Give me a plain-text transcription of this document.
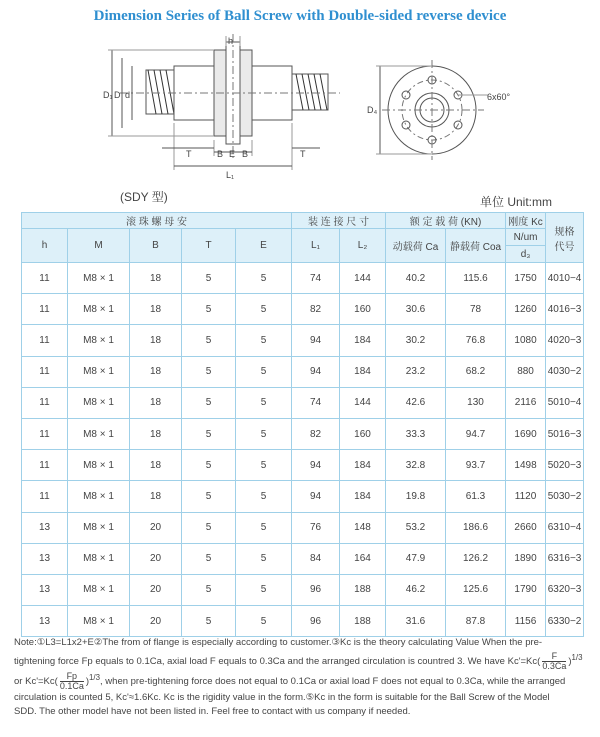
Dimension Series of Ball Screw with Double-sided reverse device
h
D₁ D d
T	B E B	T
L₁
D₄
6x60°
(SDY 型)	单位 Unit:mm
滚 珠 螺 母 安					装 连 接 尺 寸		额 定 载 荷 (KN)		刚度 Kc	规格
代号
h	M	B	T	E	L₁	L₂	动载荷 Ca	静载荷 Coa	N/um	
									d₃	
11	M8 × 1	18	5	5	74	144	40.2	115.6	1750	4010−4
11	M8 × 1	18	5	5	82	160	30.6	78	1260	4016−3
11	M8 × 1	18	5	5	94	184	30.2	76.8	1080	4020−3
11	M8 × 1	18	5	5	94	184	23.2	68.2	880	4030−2
11	M8 × 1	18	5	5	74	144	42.6	130	2116	5010−4
11	M8 × 1	18	5	5	82	160	33.3	94.7	1690	5016−3
11	M8 × 1	18	5	5	94	184	32.8	93.7	1498	5020−3
11	M8 × 1	18	5	5	94	184	19.8	61.3	1120	5030−2
13	M8 × 1	20	5	5	76	148	53.2	186.6	2660	6310−4
13	M8 × 1	20	5	5	84	164	47.9	126.2	1890	6316−3
13	M8 × 1	20	5	5	96	188	46.2	125.6	1790	6320−3
13	M8 × 1	20	5	5	96	188	31.6	87.8	1156	6330−2

Note:①L3=L1x2+E②The from of flange is especially according to customer.③Kc is the theory calculating Value When the pre-

tightening force Fp equals to 0.1Ca, axial load F equals to 0.3Ca and the arranged circulation is countred 3. We have $Kc'=Kc( \frac{F}{0.3Ca} )^{1/3}$

or $Kc'=Kc( \frac{Fp}{0.1Ca} )^{1/3}$, when pre-tightening force does not equal to 0.1Ca or axial load F does not equal to 0.3Ca, while the arranged

circulation is counted 5, Kc'≈1.6Kc. Kc is the rigidity value in the form.⑤Kc in the form is suitable for the Ball Screw of the Model

SDD. The other model have not been listed in. Feel free to contact with us company if needed.
